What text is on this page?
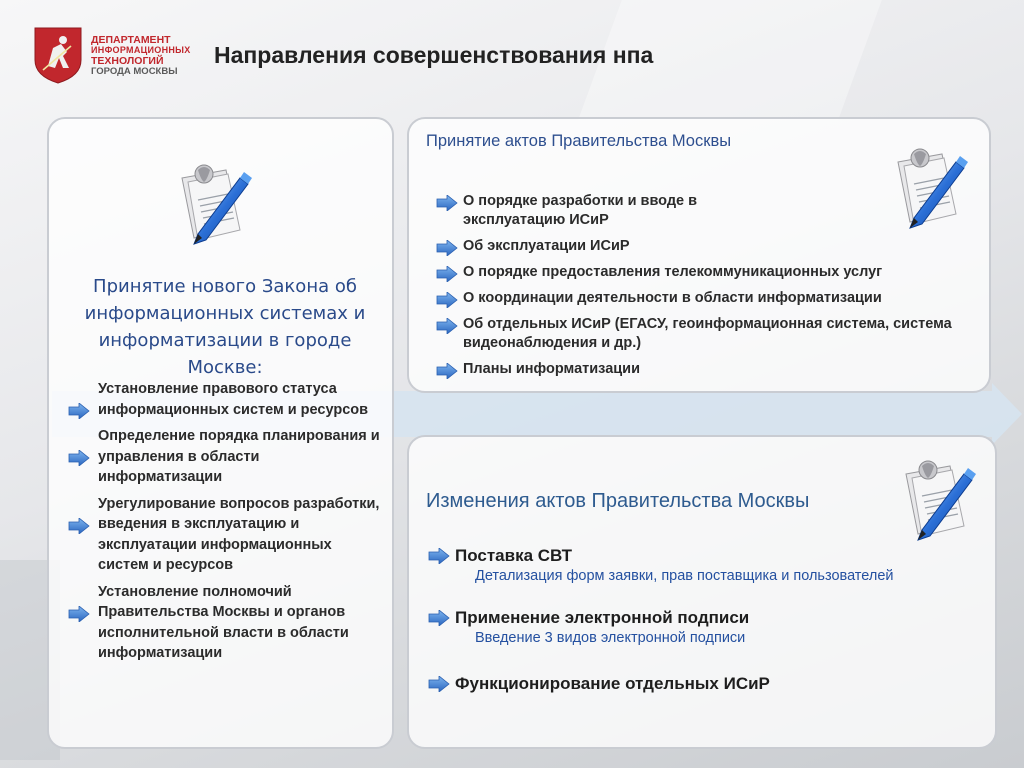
ДЕПАРТАМЕНТ
ИНФОРМАЦИОННЫХ
ТЕХНОЛОГИЙ
ГОРОДА МОСКВЫ
Направления совершенствования нпа
Принятие нового Закона об информационных системах и информатизации в городе Москве:
Установление правового статуса информационных систем и ресурсов
Определение порядка планирования и управления в области информатизации
Урегулирование вопросов разработки, введения в эксплуатацию и эксплуатации информационных систем и ресурсов
Установление полномочий Правительства Москвы и органов исполнительной власти в области информатизации
Принятие актов Правительства Москвы
О порядке разработки и вводе в эксплуатацию ИСиР
Об эксплуатации ИСиР
О порядке предоставления телекоммуникационных услуг
О координации деятельности в области информатизации
Об отдельных ИСиР (ЕГАСУ, геоинформационная система, система видеонаблюдения и др.)
Планы информатизации
Изменения актов Правительства Москвы
Поставка СВТ
Детализация форм заявки, прав поставщика и пользователей
Применение электронной подписи
Введение 3 видов электронной подписи
Функционирование отдельных ИСиР
